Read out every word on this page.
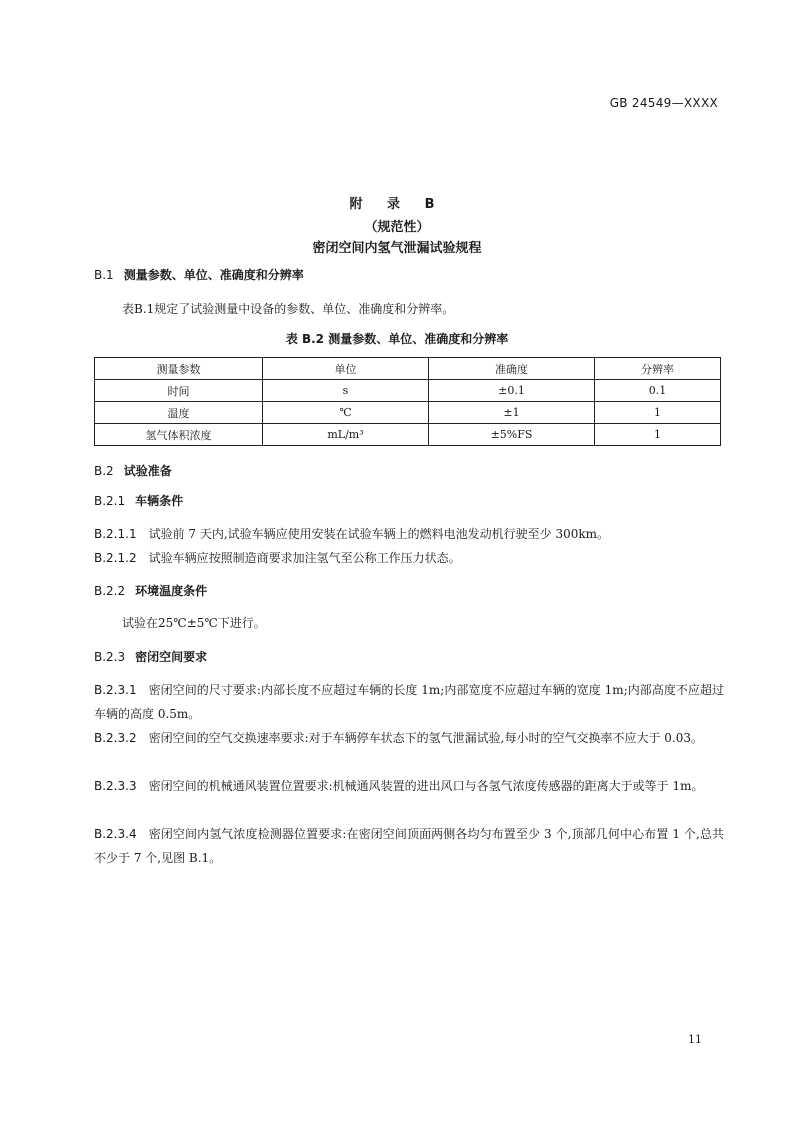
GB 24549—XXXX
附 录 B
（规范性）
密闭空间内氢气泄漏试验规程
B.1 测量参数、单位、准确度和分辨率
表B.1规定了试验测量中设备的参数、单位、准确度和分辨率。
表 B.2 测量参数、单位、准确度和分辨率
测量参数	单位	准确度	分辨率
时间	s	±0.1	0.1
温度	℃	±1	1
氢气体积浓度	mL/m³	±5%FS	1
B.2 试验准备
B.2.1 车辆条件
B.2.1.1 试验前 7 天内,试验车辆应使用安装在试验车辆上的燃料电池发动机行驶至少 300km。
B.2.1.2 试验车辆应按照制造商要求加注氢气至公称工作压力状态。
B.2.2 环境温度条件
试验在25℃±5℃下进行。
B.2.3 密闭空间要求
B.2.3.1 密闭空间的尺寸要求:内部长度不应超过车辆的长度 1m;内部宽度不应超过车辆的宽度 1m;内部高度不应超过车辆的高度 0.5m。
B.2.3.2 密闭空间的空气交换速率要求:对于车辆停车状态下的氢气泄漏试验,每小时的空气交换率不应大于 0.03。
B.2.3.3 密闭空间的机械通风装置位置要求:机械通风装置的进出风口与各氢气浓度传感器的距离大于或等于 1m。
B.2.3.4 密闭空间内氢气浓度检测器位置要求:在密闭空间顶面两侧各均匀布置至少 3 个,顶部几何中心布置 1 个,总共不少于 7 个,见图 B.1。
11
